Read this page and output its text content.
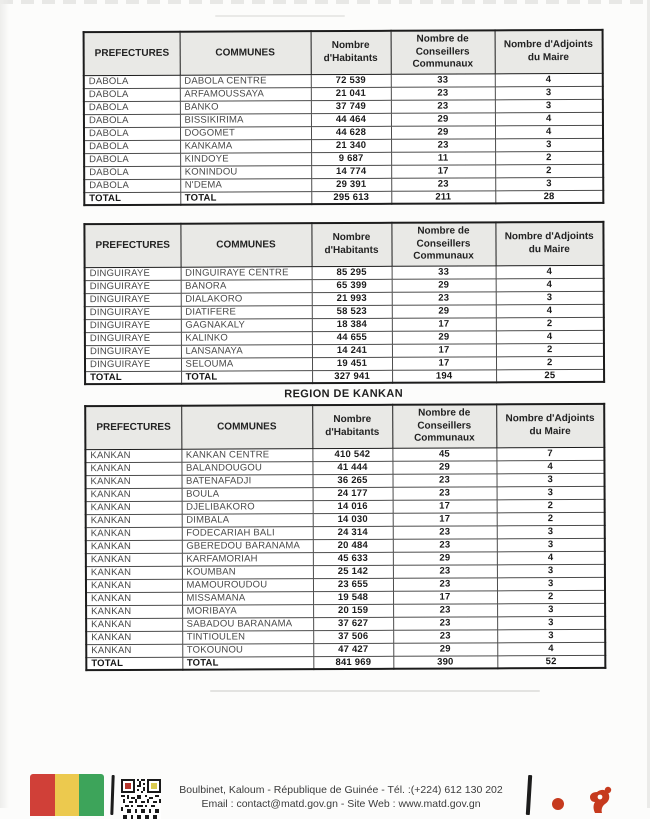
PREFECTURES	COMMUNES	Nombre d'Habitants	Nombre de Conseillers Communaux	Nombre d'Adjoints du Maire
DABOLA	DABOLA CENTRE	72 539	33	4
DABOLA	ARFAMOUSSAYA	21 041	23	3
DABOLA	BANKO	37 749	23	3
DABOLA	BISSIKIRIMA	44 464	29	4
DABOLA	DOGOMET	44 628	29	4
DABOLA	KANKAMA	21 340	23	3
DABOLA	KINDOYE	9 687	11	2
DABOLA	KONINDOU	14 774	17	2
DABOLA	N'DEMA	29 391	23	3
TOTAL	TOTAL	295 613	211	28
PREFECTURES	COMMUNES	Nombre d'Habitants	Nombre de Conseillers Communaux	Nombre d'Adjoints du Maire
DINGUIRAYE	DINGUIRAYE CENTRE	85 295	33	4
DINGUIRAYE	BANORA	65 399	29	4
DINGUIRAYE	DIALAKORO	21 993	23	3
DINGUIRAYE	DIATIFERE	58 523	29	4
DINGUIRAYE	GAGNAKALY	18 384	17	2
DINGUIRAYE	KALINKO	44 655	29	4
DINGUIRAYE	LANSANAYA	14 241	17	2
DINGUIRAYE	SELOUMA	19 451	17	2
TOTAL	TOTAL	327 941	194	25
REGION DE KANKAN
PREFECTURES	COMMUNES	Nombre d'Habitants	Nombre de Conseillers Communaux	Nombre d'Adjoints du Maire
KANKAN	KANKAN CENTRE	410 542	45	7
KANKAN	BALANDOUGOU	41 444	29	4
KANKAN	BATENAFADJI	36 265	23	3
KANKAN	BOULA	24 177	23	3
KANKAN	DJELIBAKORO	14 016	17	2
KANKAN	DIMBALA	14 030	17	2
KANKAN	FODECARIAH BALI	24 314	23	3
KANKAN	GBEREDOU BARANAMA	20 484	23	3
KANKAN	KARFAMORIAH	45 633	29	4
KANKAN	KOUMBAN	25 142	23	3
KANKAN	MAMOUROUDOU	23 655	23	3
KANKAN	MISSAMANA	19 548	17	2
KANKAN	MORIBAYA	20 159	23	3
KANKAN	SABADOU BARANAMA	37 627	23	3
KANKAN	TINTIOULEN	37 506	23	3
KANKAN	TOKOUNOU	47 427	29	4
TOTAL	TOTAL	841 969	390	52
Boulbinet, Kaloum - République de Guinée - Tél. :(+224) 612 130 202
Email : contact@matd.gov.gn - Site Web : www.matd.gov.gn
